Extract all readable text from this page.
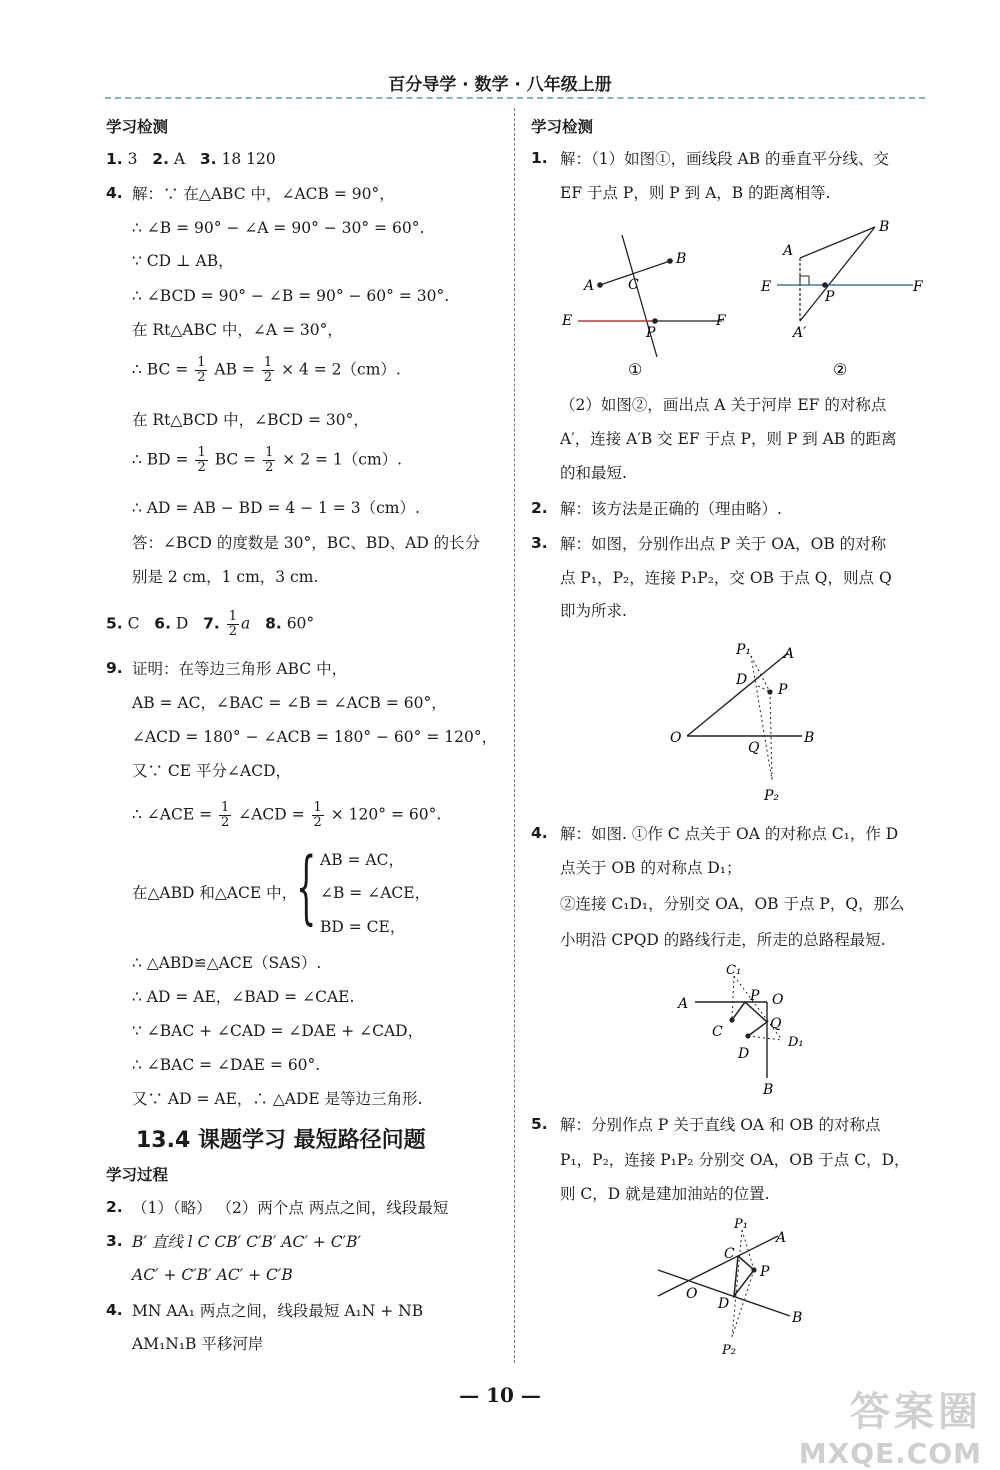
百分导学 · 数学 · 八年级上册
学习检测
1. 3 2. A 3. 18 120
4. 解：∵ 在△ABC 中，∠ACB = 90°，
∴ ∠B = 90° − ∠A = 90° − 30° = 60°.
∵ CD ⊥ AB，
∴ ∠BCD = 90° − ∠B = 90° − 60° = 30°.
在 Rt△ABC 中，∠A = 30°，
∴ BC = $\frac{1}{2}$ AB = $\frac{1}{2} \times 4 = 2(cm)$.
在 Rt△BCD 中，∠BCD = 30°，
∴ BD = $\frac{1}{2}$ BC = $\frac{1}{2} \times 2 = 1(cm)$.
∴ AD = AB − BD = 4 − 1 = 3（cm）.
答：∠BCD 的度数是 30°，BC、BD、AD 的长分
别是 2 cm，1 cm，3 cm.
5. C 6. D 7. $\frac{1}{2}$ a 8. 60°
9. 证明：在等边三角形 ABC 中，
AB = AC，∠BAC = ∠B = ∠ACB = 60°，
∠ACD = 180° − ∠ACB = 180° − 60° = 120°，
又∵ CE 平分∠ACD，
∴ ∠ACE = $\frac{1}{2}$ ∠ACD = $\frac{1}{2} \times 120^\circ = 60^\circ$.
在△ABD 和△ACE 中，
{ AB = AC，
∠B = ∠ACE，
BD = CE，
∴ △ABD≌△ACE（SAS）.
∴ AD = AE，∠BAD = ∠CAE.
∵ ∠BAC + ∠CAD = ∠DAE + ∠CAD，
∴ ∠BAC = ∠DAE = 60°.
又∵ AD = AE，∴ △ADE 是等边三角形.
13.4 课题学习 最短路径问题
学习过程
2. （1）（略） （2）两个点 两点之间，线段最短
3. B′ 直线 l C CB′ C′B′ AC′ + C′B′
AC′ + C′B′ AC′ + C′B
4. MN AA₁ 两点之间，线段最短 A₁N + NB
AM₁N₁B 平移河岸
学习检测
1. 解：（1）如图①，画线段 AB 的垂直平分线、交
EF 于点 P，则 P 到 A，B 的距离相等.
A
B
C
E	F
P
①
A
B
E	F
P
A′
②
（2）如图②，画出点 A 关于河岸 EF 的对称点
A′，连接 A′B 交 EF 于点 P，则 P 到 AB 的距离
的和最短.
2. 解：该方法是正确的（理由略）.
3. 解：如图，分别作出点 P 关于 OA，OB 的对称
点 P₁，P₂，连接 P₁P₂，交 OB 于点 Q，则点 Q
即为所求.
P₁ A
D
P
O
Q
B
P₂
4. 解：如图. ①作 C 点关于 OA 的对称点 C₁，作 D
点关于 OB 的对称点 D₁；
②连接 C₁D₁，分别交 OA，OB 于点 P，Q，那么
小明沿 CPQD 的路线行走，所走的总路程最短.
C₁
A	P O
C	Q
D
D₁
B
5. 解：分别作点 P 关于直线 OA 和 OB 的对称点
P₁，P₂，连接 P₁P₂ 分别交 OA，OB 于点 C，D，
则 C，D 就是建加油站的位置.
P₁
A
C
P
O
D
B
P₂
— 10 —	答案圈
MXQE.COM
